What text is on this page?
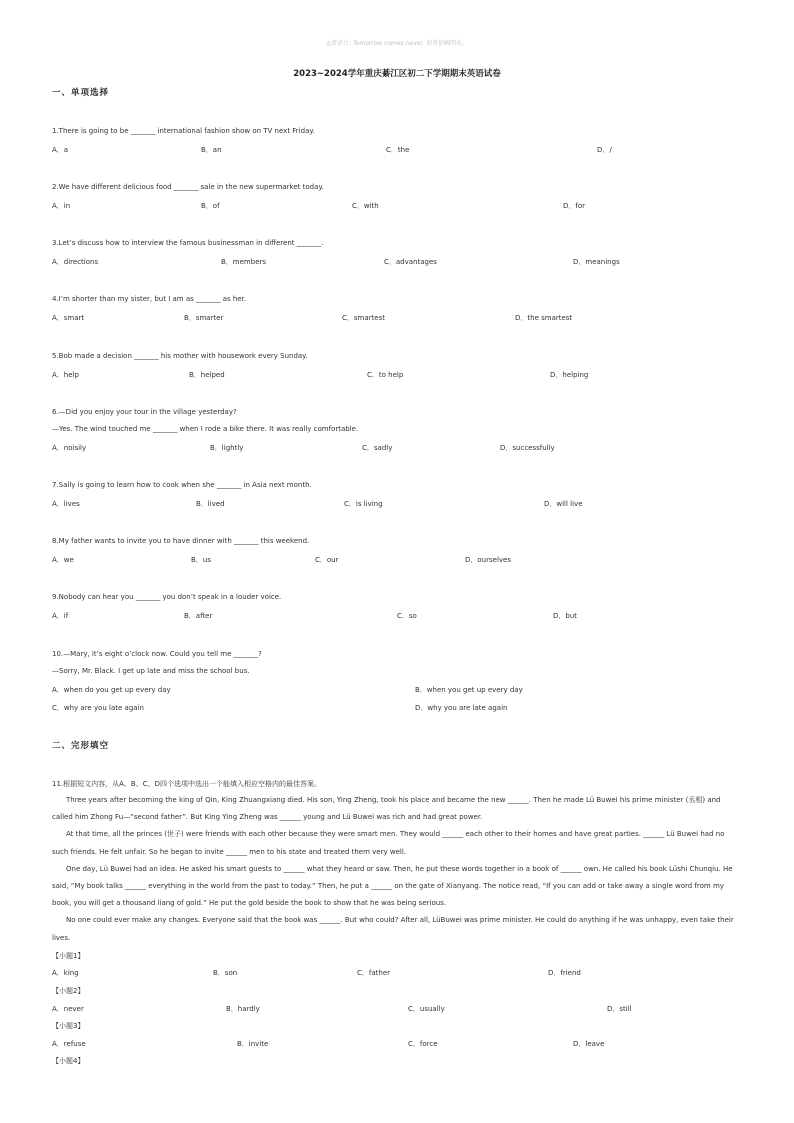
◎菁语计: Tomorrow comes never. 切莫依赖明天。
2023~2024学年重庆綦江区初二下学期期末英语试卷
一、单项选择
1.There is going to be _______ international fashion show on TV next Friday.
A．a	B．an	C．the	D．/
2.We have different delicious food _______ sale in the new supermarket today.
A．in	B．of	C．with	D．for
3.Let’s discuss how to interview the famous businessman in different _______.
A．directions	B．members	C．advantages	D．meanings
4.I’m shorter than my sister, but I am as _______ as her.
A．smart	B．smarter	C．smartest	D．the smartest
5.Bob made a decision _______ his mother with housework every Sunday.
A．help	B．helped	C．to help	D．helping
6.—Did you enjoy your tour in the village yesterday?
—Yes. The wind touched me _______ when I rode a bike there. It was really comfortable.
A．noisily	B．lightly	C．sadly	D．successfully
7.Sally is going to learn how to cook when she _______ in Asia next month.
A．lives	B．lived	C．is living	D．will live
8.My father wants to invite you to have dinner with _______ this weekend.
A．we	B．us	C．our	D．ourselves
9.Nobody can hear you _______ you don’t speak in a louder voice.
A．if	B．after	C．so	D．but
10.—Mary, it’s eight o’clock now. Could you tell me _______?
—Sorry, Mr. Black. I get up late and miss the school bus.
A．when do you get up every day	B．when you get up every day
C．why are you late again	D．why you are late again
二、完形填空
11.根据短文内容，从A、B、C、D四个选项中选出一个能填入相应空格内的最佳答案。

Three years after becoming the king of Qin, King Zhuangxiang died. His son, Ying Zheng, took his place and became the new ______. Then he made Lü Buwei his prime minister (丞相) and called him Zhong Fu—“second father”. But King Ying Zheng was ______ young and Lü Buwei was rich and had great power.

At that time, all the princes (世子) were friends with each other because they were smart men. They would ______ each other to their homes and have great parties. ______ Lü Buwei had no such friends. He felt unfair. So he began to invite ______ men to his state and treated them very well.

One day, Lü Buwei had an idea. He asked his smart guests to ______ what they heard or saw. Then, he put these words together in a book of ______ own. He called his book Lüshi Chunqiu. He said, “My book talks ______ everything in the world from the past to today.” Then, he put a ______ on the gate of Xianyang. The notice read, “If you can add or take away a single word from my book, you will get a thousand liang of gold.” He put the gold beside the book to show that he was being serious.

No one could ever make any changes. Everyone said that the book was ______. But who could? After all, LüBuwei was prime minister. He could do anything if he was unhappy, even take their lives.

【小题1】
A．king	B．son	C．father	D．friend
【小题2】
A．never	B．hardly	C．usually	D．still
【小题3】
A．refuse	B．invite	C．force	D．leave
【小题4】
